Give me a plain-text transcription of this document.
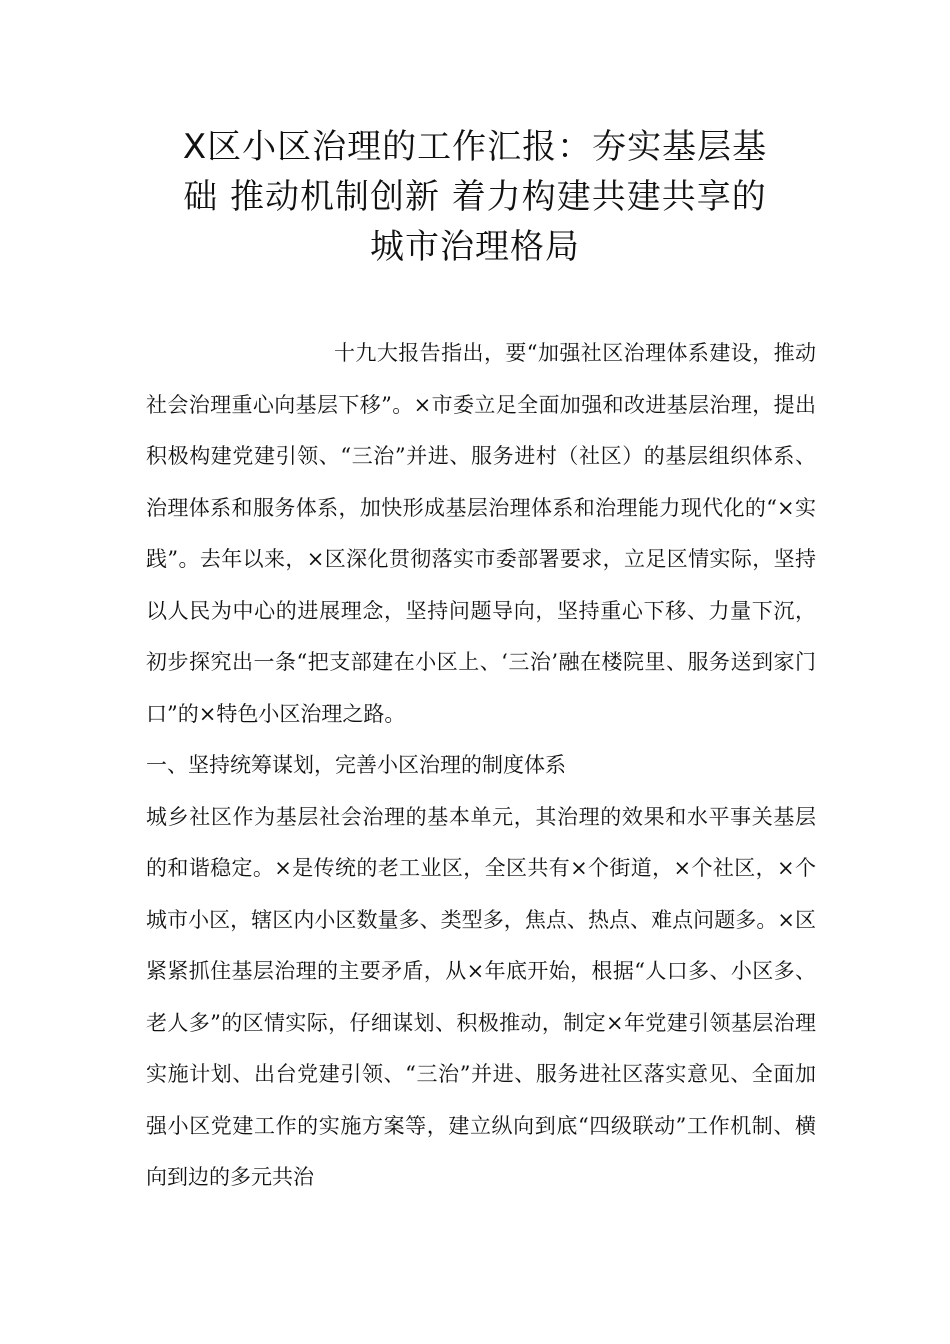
X区小区治理的工作汇报：夯实基层基
础 推动机制创新 着力构建共建共享的
城市治理格局

十九大报告指出，要“加强社区治理体系建设，推动社会治理重心向基层下移”。×市委立足全面加强和改进基层治理，提出积极构建党建引领、“三治”并进、服务进村（社区）的基层组织体系、治理体系和服务体系，加快形成基层治理体系和治理能力现代化的“×实践”。去年以来，×区深化贯彻落实市委部署要求，立足区情实际，坚持以人民为中心的进展理念，坚持问题导向，坚持重心下移、力量下沉，初步探究出一条“把支部建在小区上、‘三治’融在楼院里、服务送到家门口”的×特色小区治理之路。

一、坚持统筹谋划，完善小区治理的制度体系

城乡社区作为基层社会治理的基本单元，其治理的效果和水平事关基层的和谐稳定。×是传统的老工业区，全区共有×个街道，×个社区，×个城市小区，辖区内小区数量多、类型多，焦点、热点、难点问题多。×区紧紧抓住基层治理的主要矛盾，从×年底开始，根据“人口多、小区多、老人多”的区情实际，仔细谋划、积极推动，制定×年党建引领基层治理实施计划、出台党建引领、“三治”并进、服务进社区落实意见、全面加强小区党建工作的实施方案等，建立纵向到底“四级联动”工作机制、横向到边的多元共治
